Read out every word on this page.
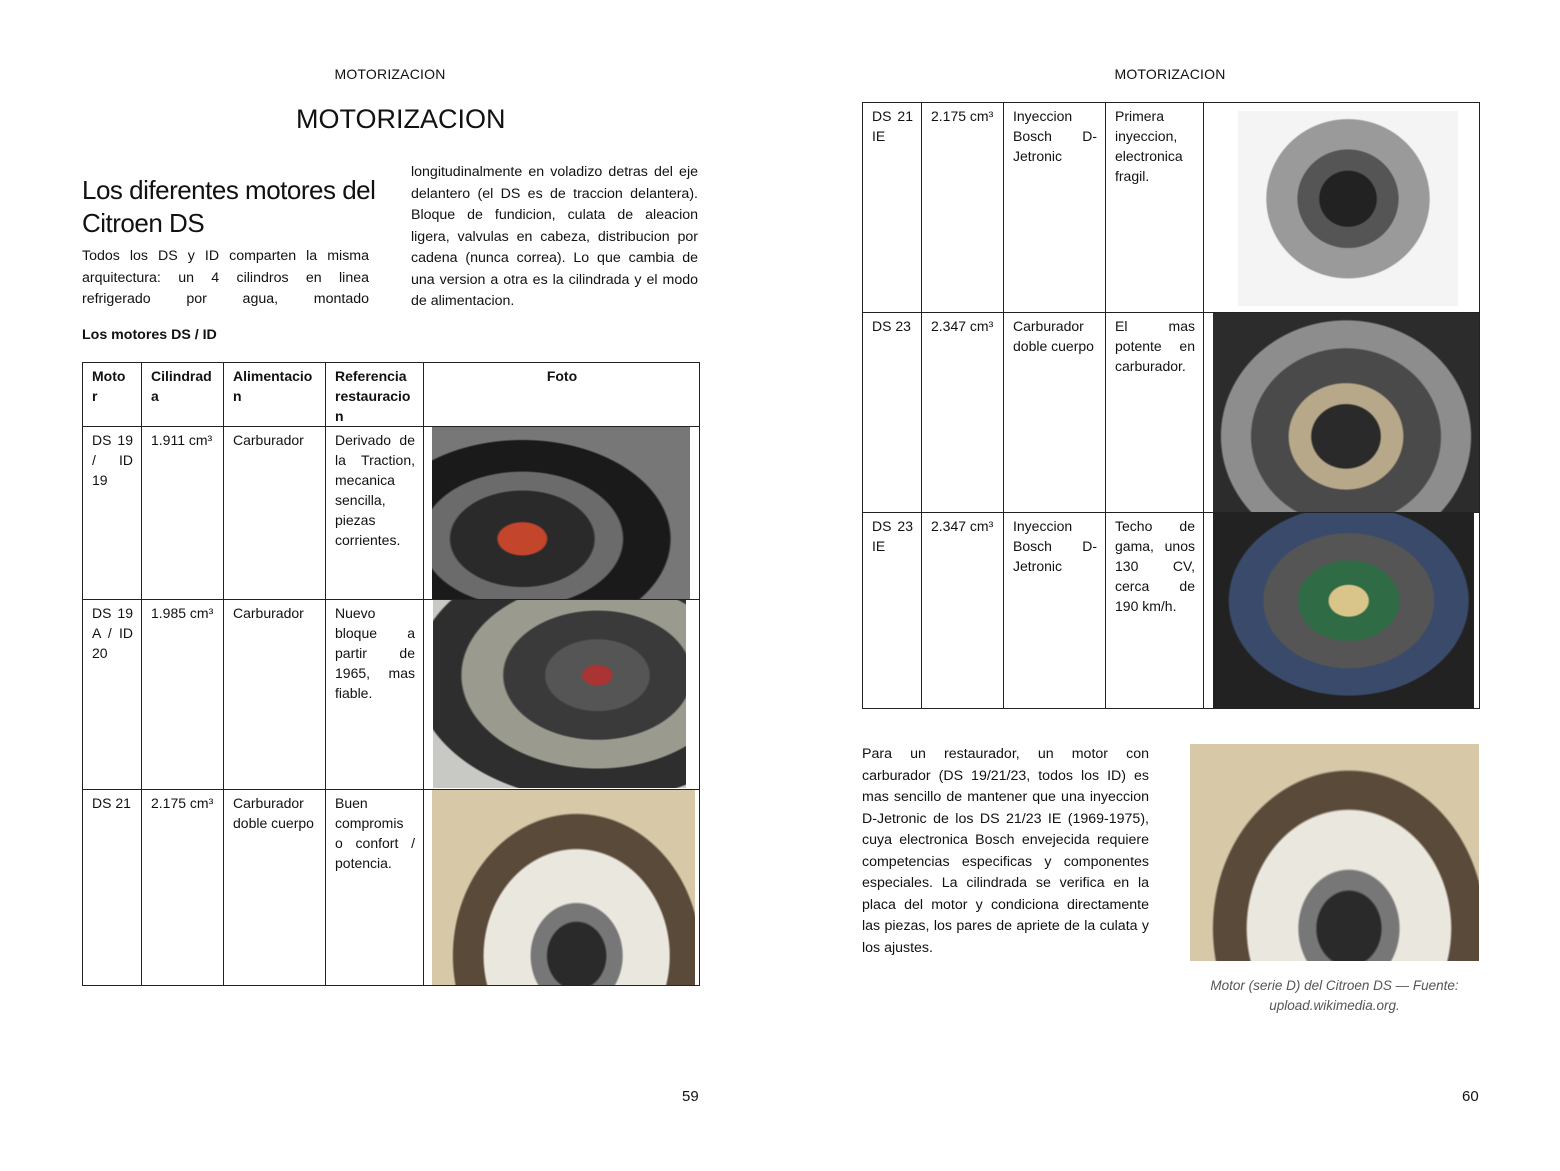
MOTORIZACION
MOTORIZACION
Los diferentes motores del Citroen DS
Todos los DS y ID comparten la misma arquitectura: un 4 cilindros en linea refrigerado por agua, montado
longitudinalmente en voladizo detras del eje delantero (el DS es de traccion delantera). Bloque de fundicion, culata de aleacion ligera, valvulas en cabeza, distribucion por cadena (nunca correa). Lo que cambia de una version a otra es la cilindrada y el modo de alimentacion.
Los motores DS / ID
Moto r	Cilindrad a	Alimentacio n	Referencia restauracio n	Foto

DS 19 / ID 19	1.911 cm³	Carburador	Derivado de la Traction, mecanica sencilla, piezas corrientes.	

DS 19 A / ID 20	1.985 cm³	Carburador	Nuevo bloque a partir de 1965, mas fiable.	

DS 21	2.175 cm³	Carburador doble cuerpo	Buen compromis o confort / potencia.	

59
MOTORIZACION
DS 21 IE	2.175 cm³	Inyeccion Bosch D-Jetronic	Primera inyeccion, electronica fragil.	

DS 23	2.347 cm³	Carburador doble cuerpo	El mas potente en carburador.	

DS 23 IE	2.347 cm³	Inyeccion Bosch D-Jetronic	Techo de gama, unos 130 CV, cerca de 190 km/h.	

Para un restaurador, un motor con carburador (DS 19/21/23, todos los ID) es mas sencillo de mantener que una inyeccion D-Jetronic de los DS 21/23 IE (1969-1975), cuya electronica Bosch envejecida requiere competencias especificas y componentes especiales. La cilindrada se verifica en la placa del motor y condiciona directamente las piezas, los pares de apriete de la culata y los ajustes.
Motor (serie D) del Citroen DS — Fuente: upload.wikimedia.org.
60
